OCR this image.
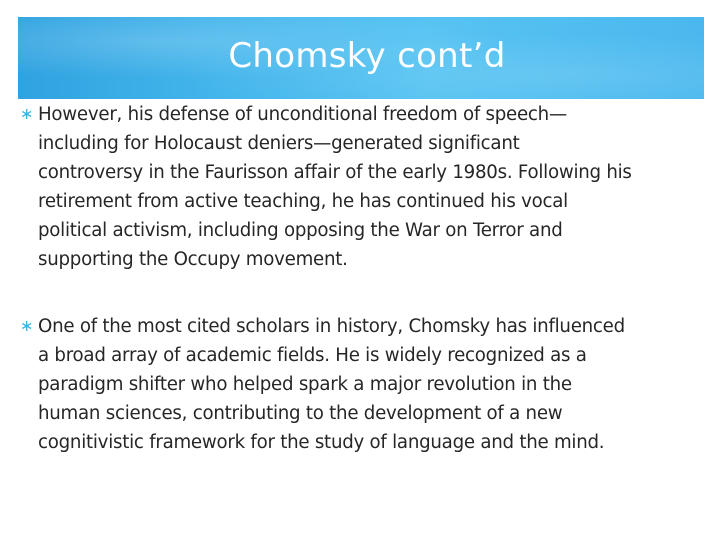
Chomsky cont’d
∗ However, his defense of unconditional freedom of speech—
including for Holocaust deniers—generated significant
controversy in the Faurisson affair of the early 1980s. Following his
retirement from active teaching, he has continued his vocal
political activism, including opposing the War on Terror and
supporting the Occupy movement.
∗ One of the most cited scholars in history, Chomsky has influenced
a broad array of academic fields. He is widely recognized as a
paradigm shifter who helped spark a major revolution in the
human sciences, contributing to the development of a new
cognitivistic framework for the study of language and the mind.
